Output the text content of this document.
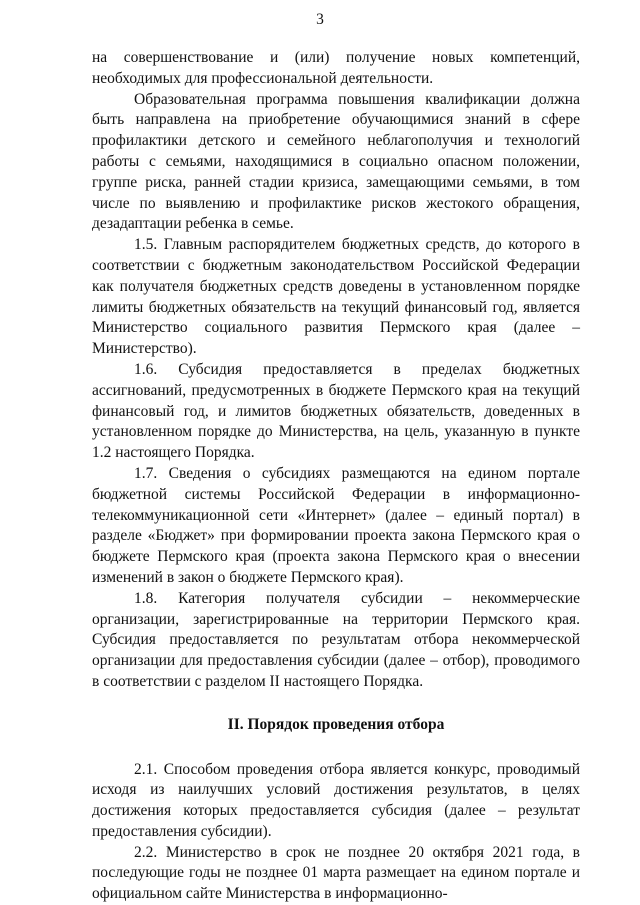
3

на совершенствование и (или) получение новых компетенций, необходимых для профессиональной деятельности.

Образовательная программа повышения квалификации должна быть направлена на приобретение обучающимися знаний в сфере профилактики детского и семейного неблагополучия и технологий работы с семьями, находящимися в социально опасном положении, группе риска, ранней стадии кризиса, замещающими семьями, в том числе по выявлению и профилактике рисков жестокого обращения, дезадаптации ребенка в семье.

1.5. Главным распорядителем бюджетных средств, до которого в соответствии с бюджетным законодательством Российской Федерации как получателя бюджетных средств доведены в установленном порядке лимиты бюджетных обязательств на текущий финансовый год, является Министерство социального развития Пермского края (далее – Министерство).

1.6. Субсидия предоставляется в пределах бюджетных ассигнований, предусмотренных в бюджете Пермского края на текущий финансовый год, и лимитов бюджетных обязательств, доведенных в установленном порядке до Министерства, на цель, указанную в пункте 1.2 настоящего Порядка.

1.7. Сведения о субсидиях размещаются на едином портале бюджетной системы Российской Федерации в информационно-телекоммуникационной сети «Интернет» (далее – единый портал) в разделе «Бюджет» при формировании проекта закона Пермского края о бюджете Пермского края (проекта закона Пермского края о внесении изменений в закон о бюджете Пермского края).

1.8. Категория получателя субсидии – некоммерческие организации, зарегистрированные на территории Пермского края. Субсидия предоставляется по результатам отбора некоммерческой организации для предоставления субсидии (далее – отбор), проводимого в соответствии с разделом II настоящего Порядка.

II. Порядок проведения отбора

2.1. Способом проведения отбора является конкурс, проводимый исходя из наилучших условий достижения результатов, в целях достижения которых предоставляется субсидия (далее – результат предоставления субсидии).

2.2. Министерство в срок не позднее 20 октября 2021 года, в последующие годы не позднее 01 марта размещает на едином портале и официальном сайте Министерства в информационно-
